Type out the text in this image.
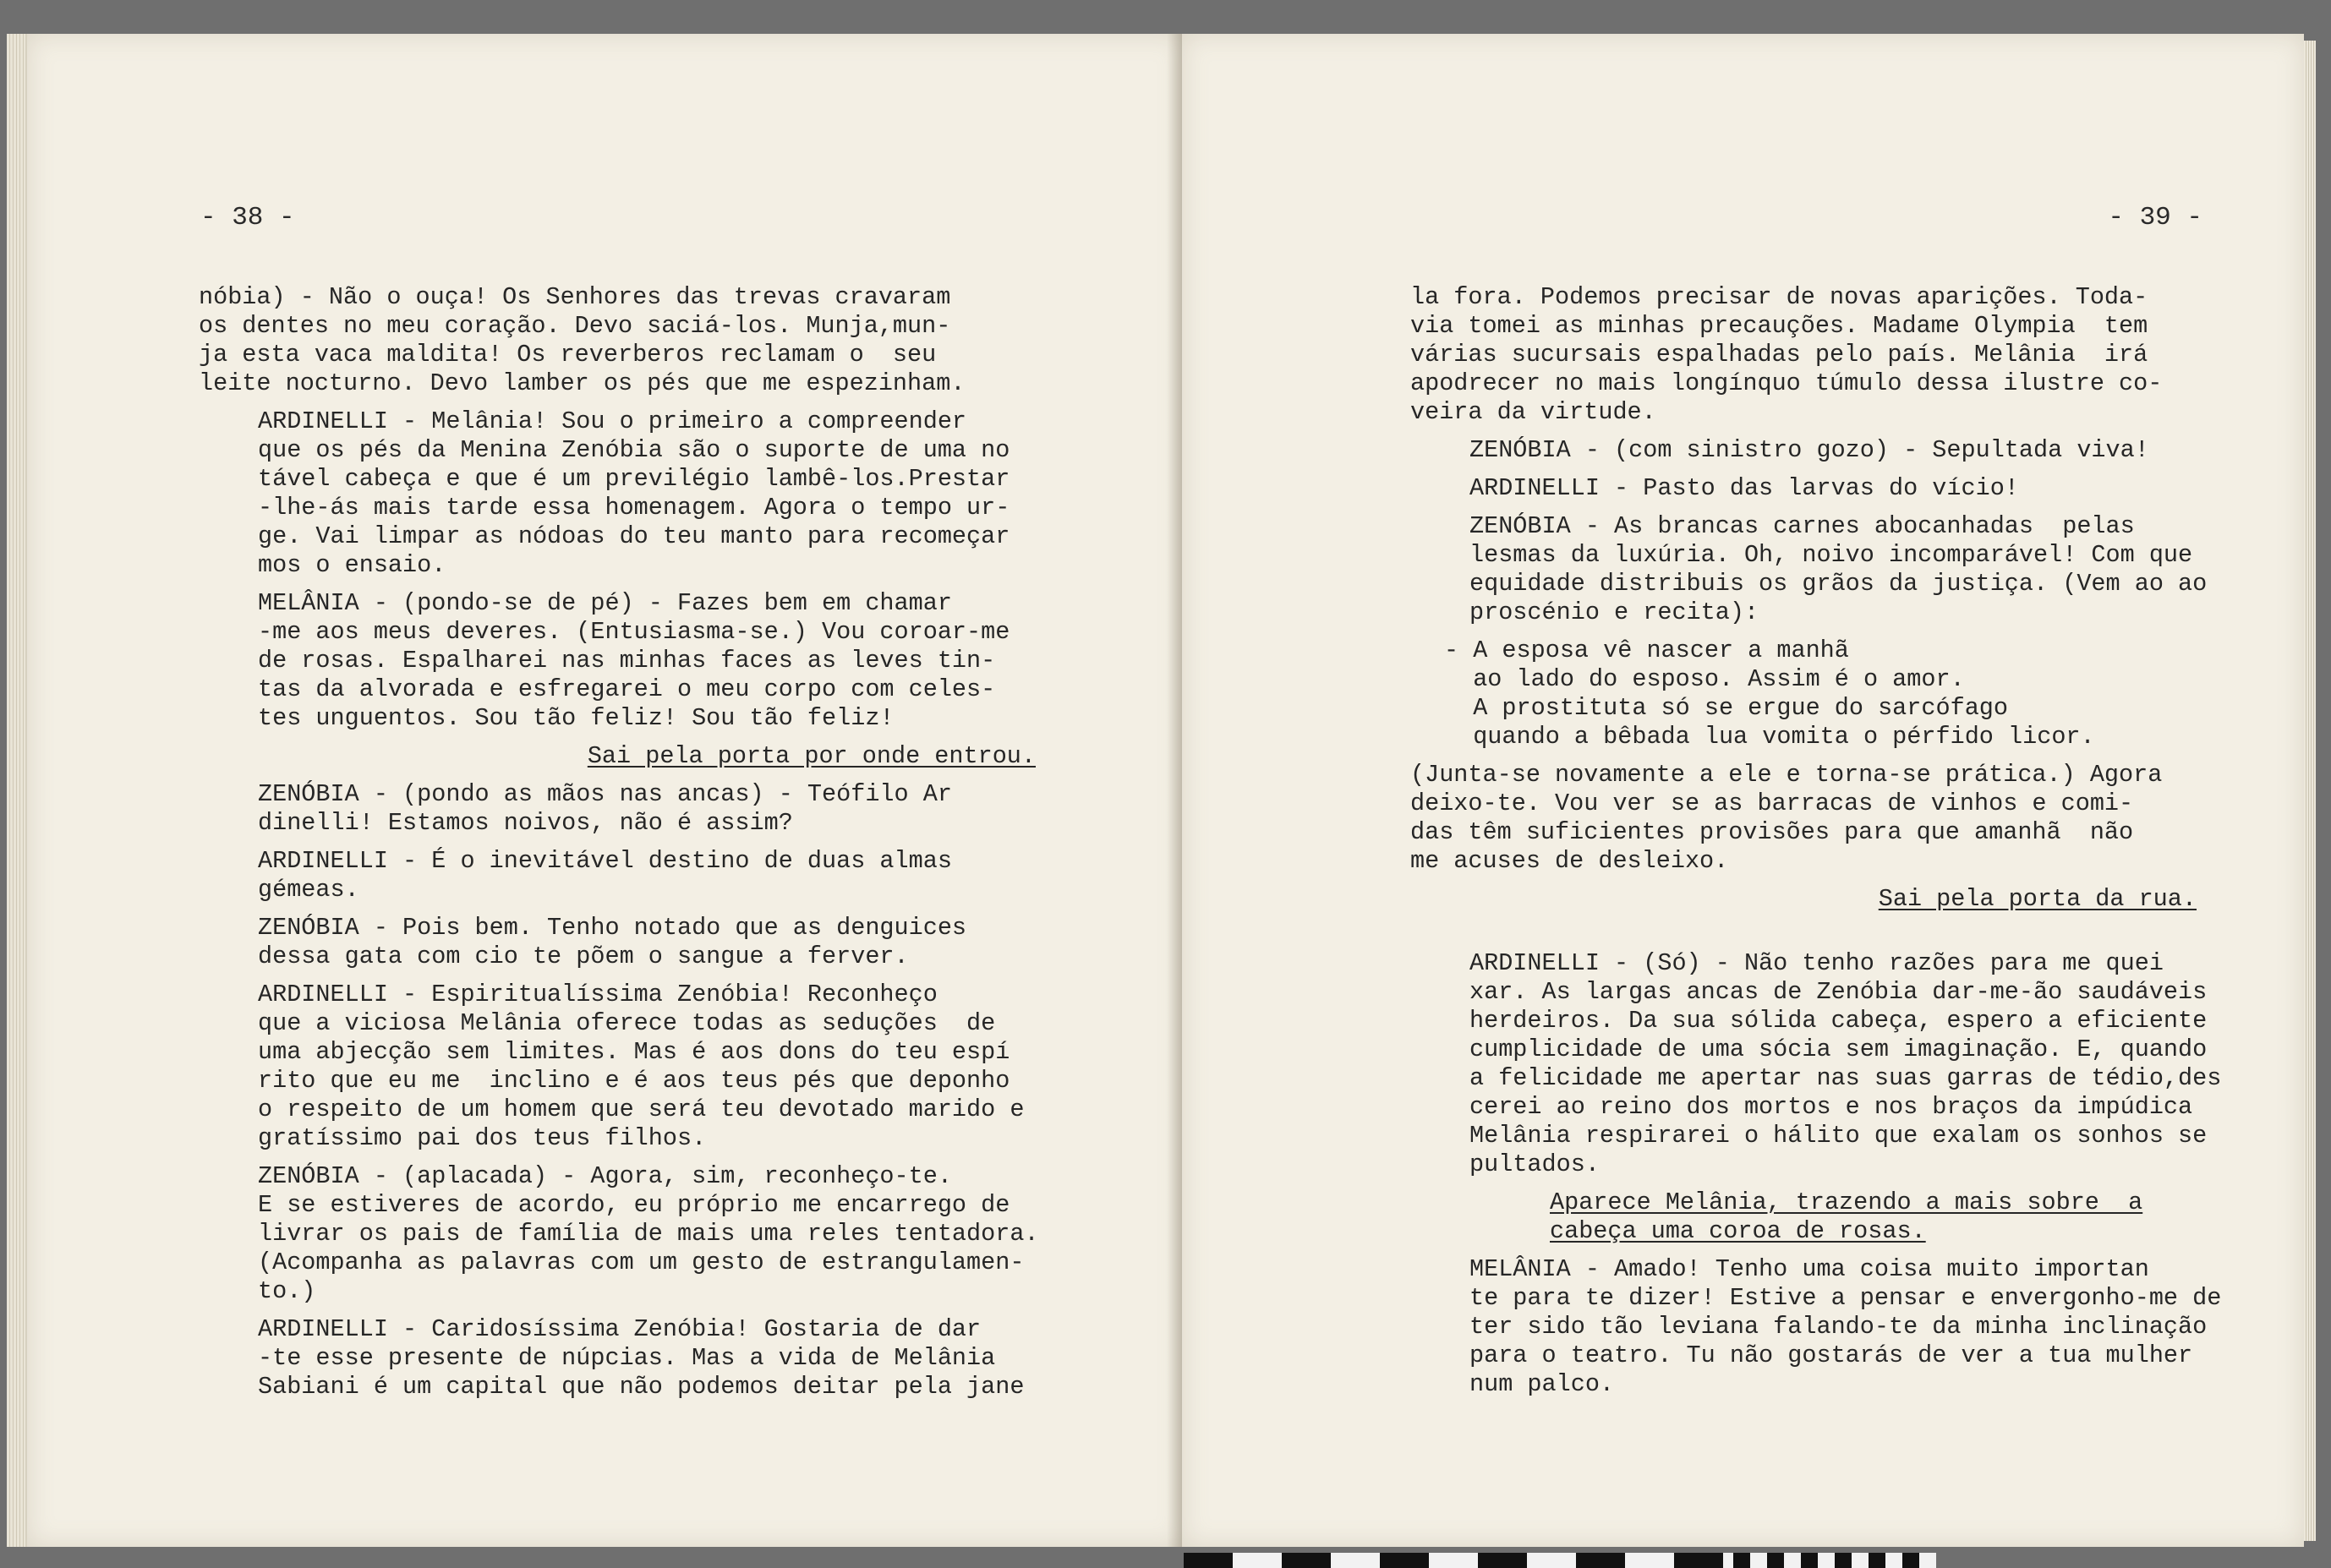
- 38 -

nóbia) - Não o ouça! Os Senhores das trevas cravaram
os dentes no meu coração. Devo saciá-los. Munja,mun-
ja esta vaca maldita! Os reverberos reclamam o  seu
leite nocturno. Devo lamber os pés que me espezinham.

ARDINELLI - Melânia! Sou o primeiro a compreender
que os pés da Menina Zenóbia são o suporte de uma no
tável cabeça e que é um previlégio lambê-los.Prestar
-lhe-ás mais tarde essa homenagem. Agora o tempo ur-
ge. Vai limpar as nódoas do teu manto para recomeçar
mos o ensaio.

MELÂNIA - (pondo-se de pé) - Fazes bem em chamar
-me aos meus deveres. (Entusiasma-se.) Vou coroar-me
de rosas. Espalharei nas minhas faces as leves tin-
tas da alvorada e esfregarei o meu corpo com celes-
tes unguentos. Sou tão feliz! Sou tão feliz!

Sai pela porta por onde entrou.

ZENÓBIA - (pondo as mãos nas ancas) - Teófilo Ar
dinelli! Estamos noivos, não é assim?

ARDINELLI - É o inevitável destino de duas almas
gémeas.

ZENÓBIA - Pois bem. Tenho notado que as denguices
dessa gata com cio te põem o sangue a ferver.

ARDINELLI - Espiritualíssima Zenóbia! Reconheço
que a viciosa Melânia oferece todas as seduções  de
uma abjecção sem limites. Mas é aos dons do teu espí
rito que eu me  inclino e é aos teus pés que deponho
o respeito de um homem que será teu devotado marido e
gratíssimo pai dos teus filhos.

ZENÓBIA - (aplacada) - Agora, sim, reconheço-te.
E se estiveres de acordo, eu próprio me encarrego de
livrar os pais de família de mais uma reles tentadora.
(Acompanha as palavras com um gesto de estrangulamen-
to.)

ARDINELLI - Caridosíssima Zenóbia! Gostaria de dar
-te esse presente de núpcias. Mas a vida de Melânia
Sabiani é um capital que não podemos deitar pela jane

- 39 -

la fora. Podemos precisar de novas aparições. Toda-
via tomei as minhas precauções. Madame Olympia  tem
várias sucursais espalhadas pelo país. Melânia  irá
apodrecer no mais longínquo túmulo dessa ilustre co-
veira da virtude.

ZENÓBIA - (com sinistro gozo) - Sepultada viva!

ARDINELLI - Pasto das larvas do vício!

ZENÓBIA - As brancas carnes abocanhadas  pelas
lesmas da luxúria. Oh, noivo incomparável! Com que
equidade distribuis os grãos da justiça. (Vem ao ao
proscénio e recita):

- A esposa vê nascer a manhã
ao lado do esposo. Assim é o amor.
A prostituta só se ergue do sarcófago
quando a bêbada lua vomita o pérfido licor.

(Junta-se novamente a ele e torna-se prática.) Agora
deixo-te. Vou ver se as barracas de vinhos e comi-
das têm suficientes provisões para que amanhã  não
me acuses de desleixo.

Sai pela porta da rua.

ARDINELLI - (Só) - Não tenho razões para me quei
xar. As largas ancas de Zenóbia dar-me-ão saudáveis
herdeiros. Da sua sólida cabeça, espero a eficiente
cumplicidade de uma sócia sem imaginação. E, quando
a felicidade me apertar nas suas garras de tédio,des
cerei ao reino dos mortos e nos braços da impúdica
Melânia respirarei o hálito que exalam os sonhos se
pultados.

Aparece Melânia, trazendo a mais sobre  a
cabeça uma coroa de rosas.

MELÂNIA - Amado! Tenho uma coisa muito importan
te para te dizer! Estive a pensar e envergonho-me de
ter sido tão leviana falando-te da minha inclinação
para o teatro. Tu não gostarás de ver a tua mulher
num palco.
